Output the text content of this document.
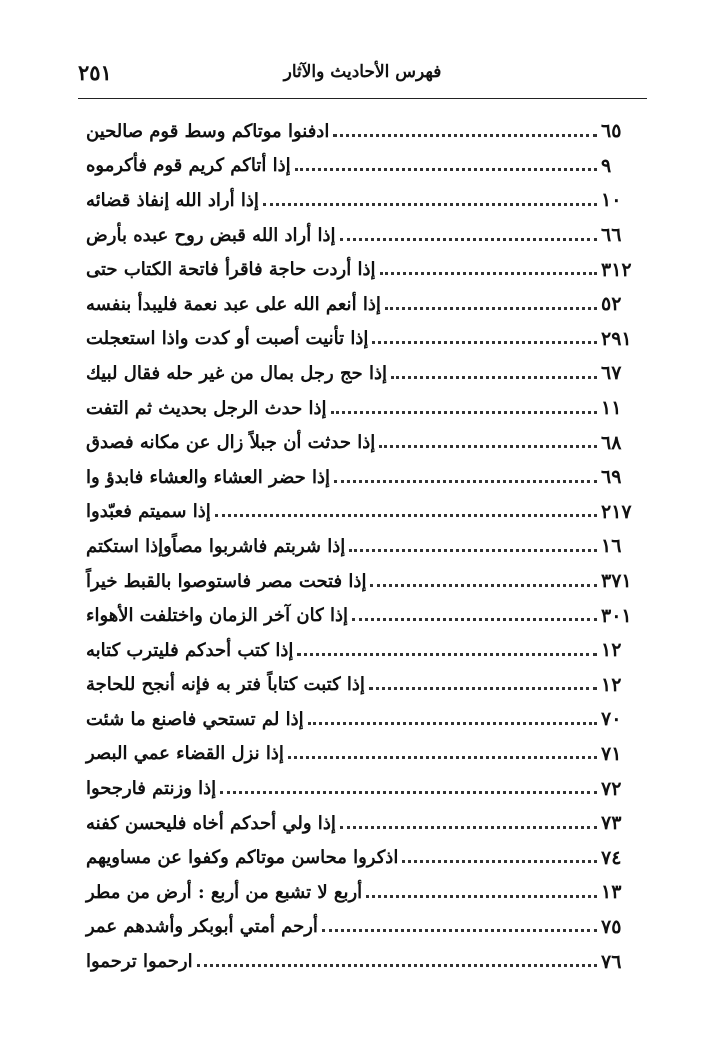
فهرس الأحاديث والآثار
٢٥١
ادفنوا موتاكم وسط قوم صالحين	٦٥
إذا أتاكم كريم قوم فأكرموه	٩
إذا أراد الله إنفاذ قضائه	١٠
إذا أراد الله قبض روح عبده بأرض	٦٦
إذا أردت حاجة فاقرأ فاتحة الكتاب حتى	٣١٢
إذا أنعم الله على عبد نعمة فليبدأ بنفسه	٥٢
إذا تأنيت أصبت أو كدت واذا استعجلت	٢٩١
إذا حج رجل بمال من غير حله فقال لبيك	٦٧
إذا حدث الرجل بحديث ثم التفت	١١
إذا حدثت أن جبلاً زال عن مكانه فصدق	٦٨
إذا حضر العشاء والعشاء فابدؤ وا	٦٩
إذا سميتم فعبّدوا	٢١٧
إذا شربتم فاشربوا مصاًوإذا استكتم	١٦
إذا فتحت مصر فاستوصوا بالقبط خيراً	٣٧١
إذا كان آخر الزمان واختلفت الأهواء	٣٠١
إذا كتب أحدكم فليترب كتابه	١٢
إذا كتبت كتاباً فتر به فإنه أنجح للحاجة	١٢
إذا لم تستحي فاصنع ما شئت	٧٠
إذا نزل القضاء عمي البصر	٧١
إذا وزنتم فارجحوا	٧٢
إذا ولي أحدكم أخاه فليحسن كفنه	٧٣
اذكروا محاسن موتاكم وكفوا عن مساويهم	٧٤
أربع لا تشبع من أربع : أرض من مطر	١٣
أرحم أمتي أبوبكر وأشدهم عمر	٧٥
ارحموا ترحموا	٧٦
